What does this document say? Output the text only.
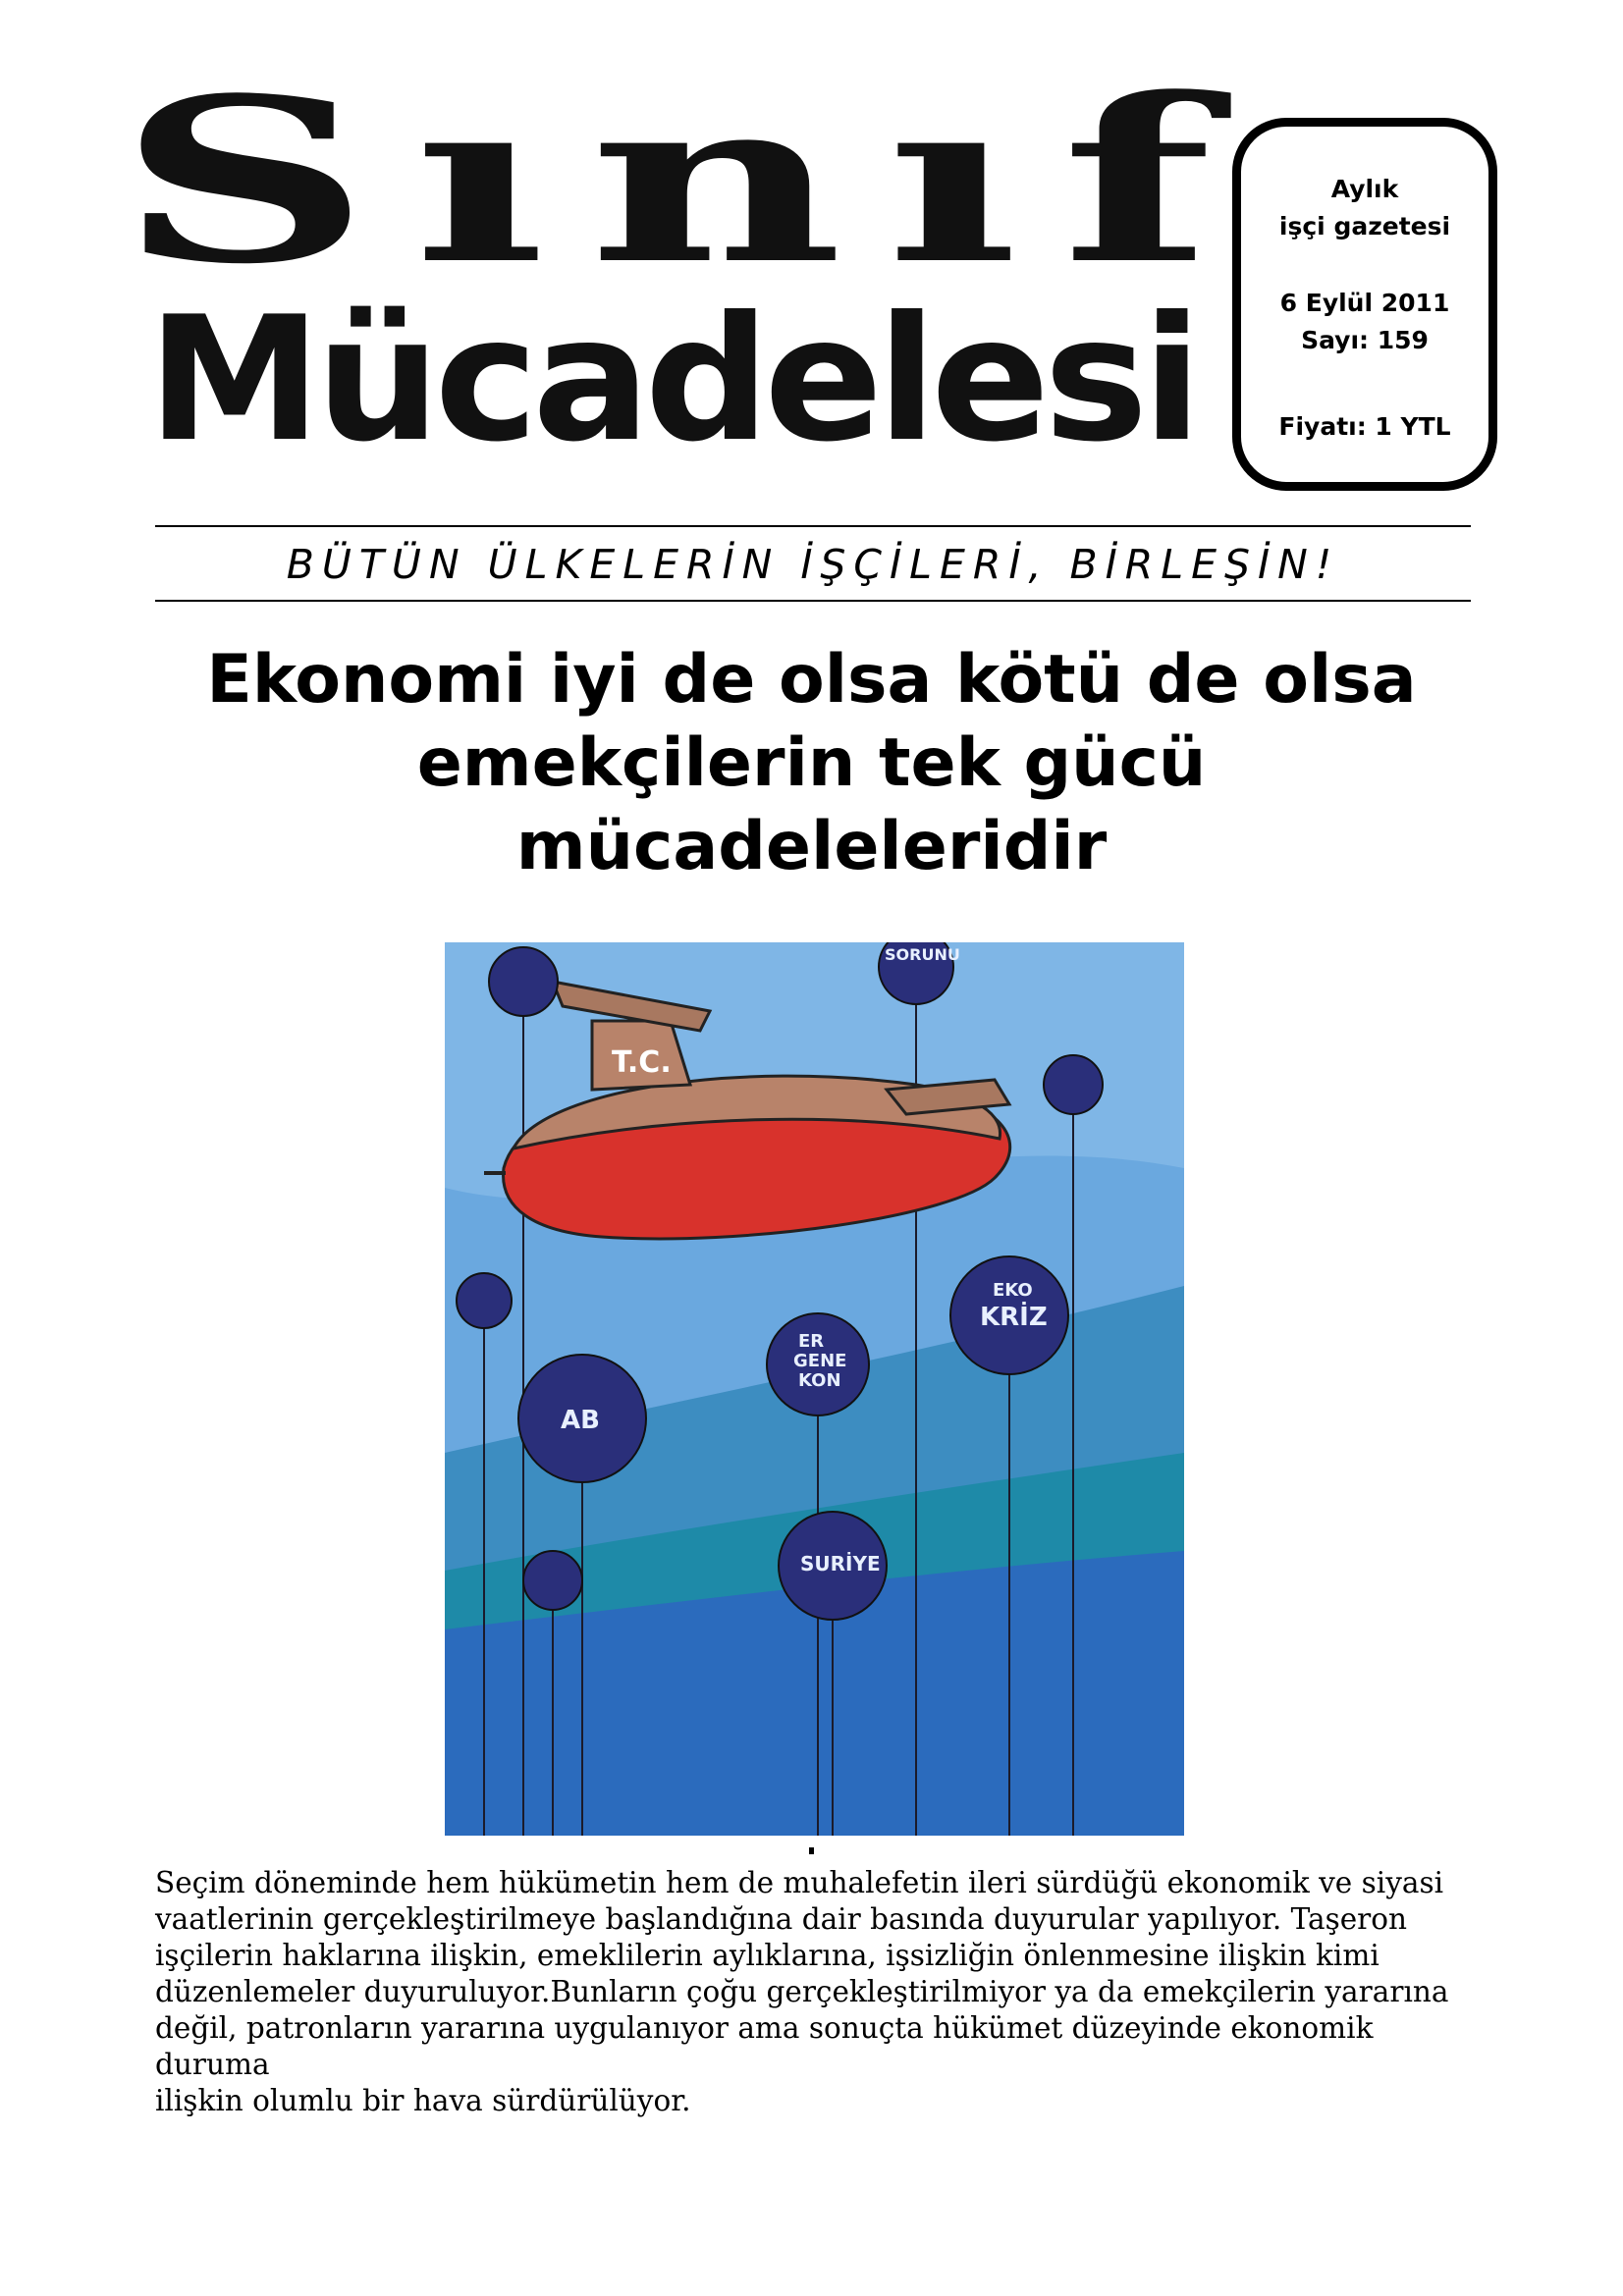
Sınıf
Mücadelesi
Aylık
işçi gazetesi
6 Eylül 2011
Sayı: 159
Fiyatı: 1 YTL
BÜTÜN ÜLKELERİN İŞÇİLERİ, BİRLEŞİN!
Ekonomi iyi de olsa kötü de olsa
emekçilerin tek gücü
mücadeleleridir
T.C.
SORUNU
AB
ER
GENE
KON
EKO
KRİZ
SURİYE

Seçim döneminde hem hükümetin hem de muhalefetin ileri sürdüğü ekonomik ve siyasi

vaatlerinin gerçekleştirilmeye başlandığına dair basında duyurular yapılıyor. Taşeron

işçilerin haklarına ilişkin, emeklilerin aylıklarına, işsizliğin önlenmesine ilişkin kimi

düzenlemeler duyuruluyor.Bunların çoğu gerçekleştirilmiyor ya da emekçilerin yararına

değil, patronların yararına uygulanıyor ama sonuçta hükümet düzeyinde ekonomik duruma

ilişkin olumlu bir hava sürdürülüyor.
